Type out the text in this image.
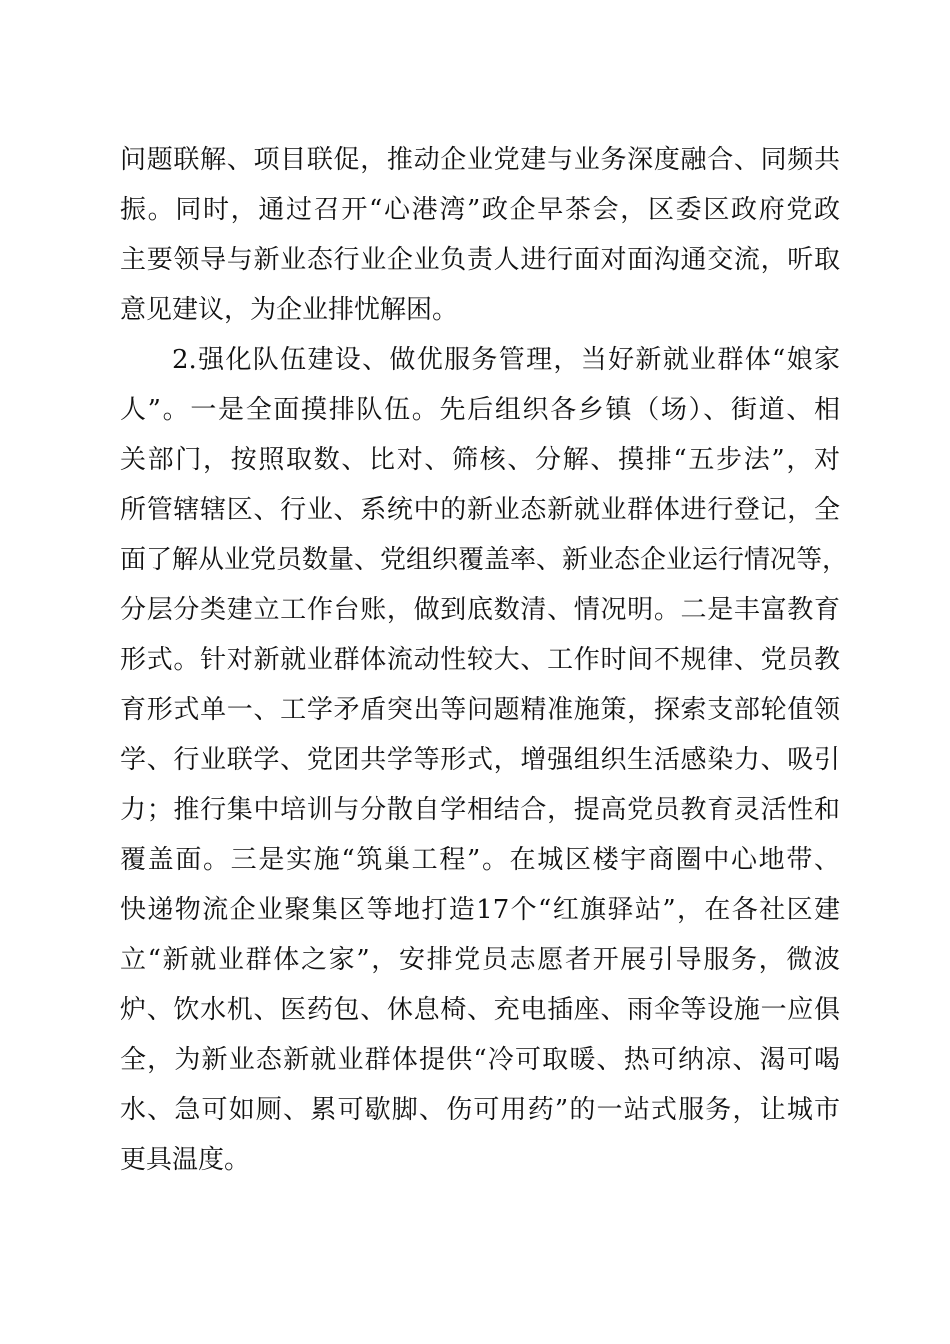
问题联解、项目联促，推动企业党建与业务深度融合、同频共
振。同时，通过召开“心港湾”政企早茶会，区委区政府党政
主要领导与新业态行业企业负责人进行面对面沟通交流，听取
意见建议，为企业排忧解困。
2.强化队伍建设、做优服务管理，当好新就业群体“娘家
人”。一是全面摸排队伍。先后组织各乡镇（场）、街道、相
关部门，按照取数、比对、筛核、分解、摸排“五步法”，对
所管辖辖区、行业、系统中的新业态新就业群体进行登记，全
面了解从业党员数量、党组织覆盖率、新业态企业运行情况等，
分层分类建立工作台账，做到底数清、情况明。二是丰富教育
形式。针对新就业群体流动性较大、工作时间不规律、党员教
育形式单一、工学矛盾突出等问题精准施策，探索支部轮值领
学、行业联学、党团共学等形式，增强组织生活感染力、吸引
力；推行集中培训与分散自学相结合，提高党员教育灵活性和
覆盖面。三是实施“筑巢工程”。在城区楼宇商圈中心地带、
快递物流企业聚集区等地打造17个“红旗驿站”，在各社区建
立“新就业群体之家”，安排党员志愿者开展引导服务，微波
炉、饮水机、医药包、休息椅、充电插座、雨伞等设施一应俱
全，为新业态新就业群体提供“冷可取暖、热可纳凉、渴可喝
水、急可如厕、累可歇脚、伤可用药”的一站式服务，让城市
更具温度。
